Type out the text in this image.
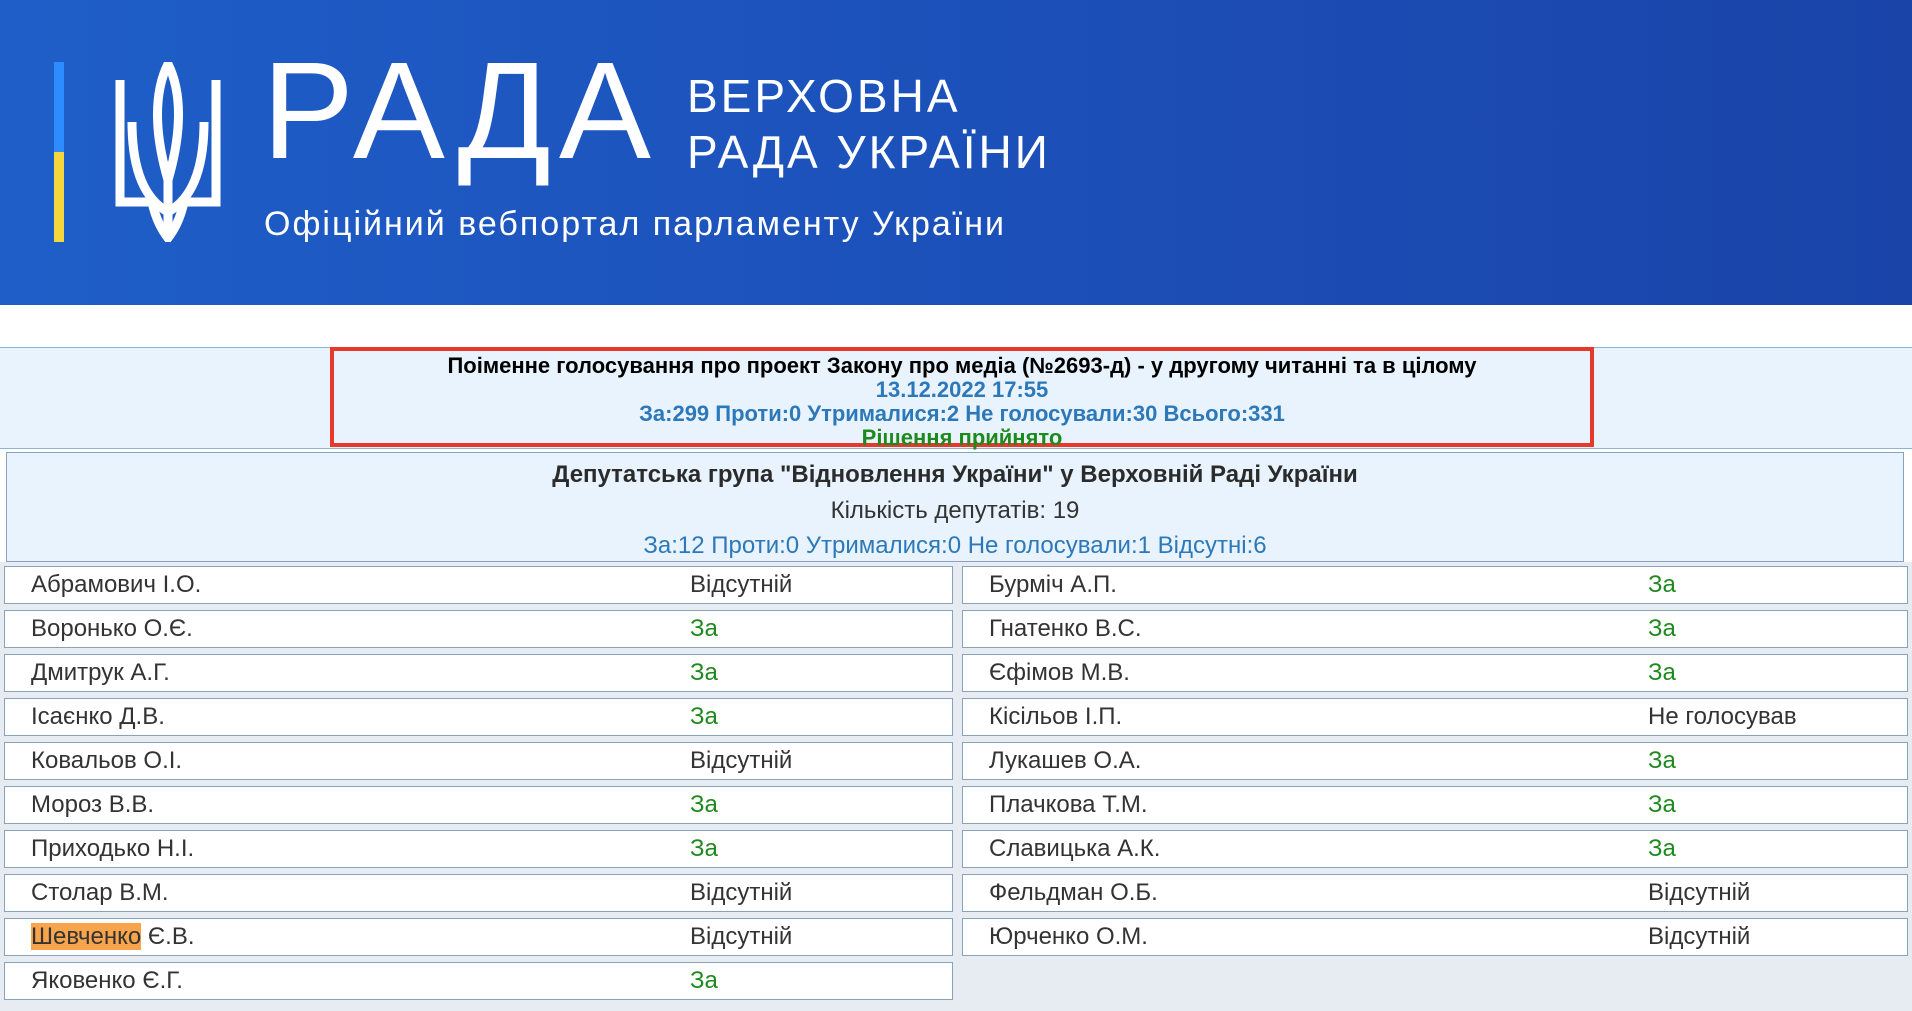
РАДА ВЕРХОВНА
РАДА УКРАЇНИ
Офіційний вебпортал парламенту України
Поіменне голосування про проект Закону про медіа (№2693-д) - у другому читанні та в цілому
13.12.2022 17:55
За:299 Проти:0 Утрималися:2 Не голосували:30 Всього:331
Рішення прийнято
Депутатська група "Відновлення України" у Верховній Раді України
Кількість депутатів: 19
За:12 Проти:0 Утрималися:0 Не голосували:1 Відсутні:6
Абрамович І.О.	Відсутній
Воронько О.Є.	За
Дмитрук А.Г.	За
Ісаєнко Д.В.	За
Ковальов О.І.	Відсутній
Мороз В.В.	За
Приходько Н.І.	За
Столар В.М.	Відсутній
Шевченко Є.В.	Відсутній
Яковенко Є.Г.	За
Бурміч А.П.	За
Гнатенко В.С.	За
Єфімов М.В.	За
Кісільов І.П.	Не голосував
Лукашев О.А.	За
Плачкова Т.М.	За
Славицька А.К.	За
Фельдман О.Б.	Відсутній
Юрченко О.М.	Відсутній
